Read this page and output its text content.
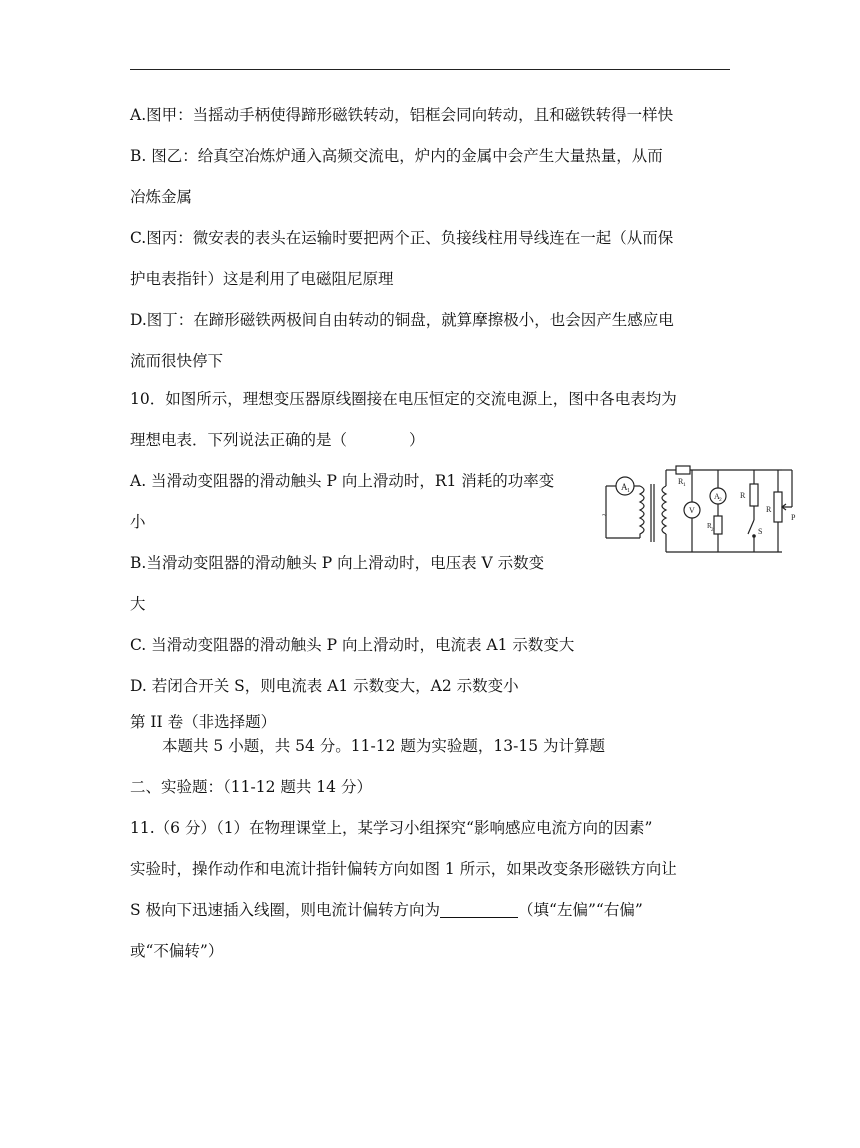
A.图甲：当摇动手柄使得蹄形磁铁转动，铝框会同向转动，且和磁铁转得一样快
B. 图乙：给真空冶炼炉通入高频交流电，炉内的金属中会产生大量热量，从而
冶炼金属
C.图丙：微安表的表头在运输时要把两个正、负接线柱用导线连在一起（从而保
护电表指针）这是利用了电磁阻尼原理
D.图丁：在蹄形磁铁两极间自由转动的铜盘，就算摩擦极小，也会因产生感应电
流而很快停下
10．如图所示，理想变压器原线圈接在电压恒定的交流电源上，图中各电表均为
理想电表．下列说法正确的是（　　　　）
A. 当滑动变阻器的滑动触头 P 向上滑动时，R1 消耗的功率变
小
B.当滑动变阻器的滑动触头 P 向上滑动时，电压表 V 示数变
大
C. 当滑动变阻器的滑动触头 P 向上滑动时，电流表 A1 示数变大
D. 若闭合开关 S，则电流表 A1 示数变大，A2 示数变小
第 II 卷（非选择题）
本题共 5 小题，共 54 分。11-12 题为实验题，13-15 为计算题
二、实验题：（11-12 题共 14 分）
11.（6 分）（1）在物理课堂上，某学习小组探究“影响感应电流方向的因素”
实验时，操作动作和电流计指针偏转方向如图 1 所示，如果改变条形磁铁方向让
S 极向下迅速插入线圈，则电流计偏转方向为	（填“左偏”“右偏”
或“不偏转”）
A 1
~
R 1
V
A 2
R
2
R
S
R
P
